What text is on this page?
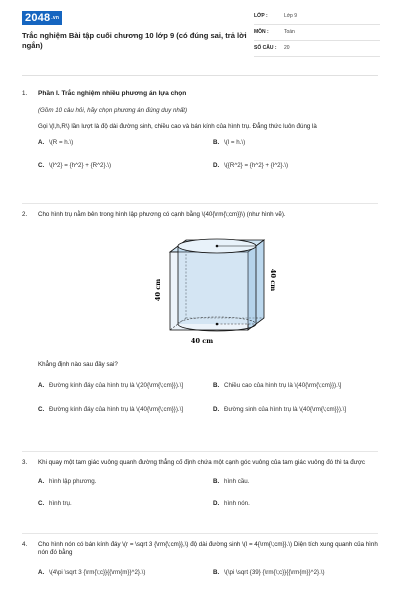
2048 .vn
Trắc nghiệm Bài tập cuối chương 10 lớp 9 (có đúng sai, trả lời ngắn)
LỚP :	Lớp 9
MÔN :	Toán
SỐ CÂU :	20
1. Phần I. Trắc nghiệm nhiều phương án lựa chọn
(Gồm 10 câu hỏi, hãy chọn phương án đúng duy nhất)
Gọi \(l,h,R\) lần lượt là độ dài đường sinh, chiều cao và bán kính của hình trụ. Đẳng thức luôn đúng là
A. \(R = h.\)	B. \(l = h.\)
C. \(l^2} = {h^2} + {R^2}.\)	D. \({R^2} = {h^2} + {l^2}.\)
2. Cho hình trụ nằm bên trong hình lập phương có cạnh bằng \(40{\rm{\;cm}}\) (như hình vẽ).
40 cm	40 cm
40 cm
Khẳng định nào sau đây sai?
A. Đường kính đáy của hình trụ là \(20{\rm{\;cm}}).\]	B. Chiều cao của hình trụ là \(40{\rm{\;cm}}).\]
C. Đường kính đáy của hình trụ là \(40{\rm{\;cm}}).\]	D. Đường sinh của hình trụ là \(40{\rm{\;cm}}).\]
3. Khi quay một tam giác vuông quanh đường thẳng cố định chứa một cạnh góc vuông của tam giác vuông đó thì ta được
A. hình lập phương.	B. hình cầu.
C. hình trụ.	D. hình nón.
4. Cho hình nón có bán kính đáy \(r = \sqrt 3 {\rm{\;cm}},\) độ dài đường sinh \(l = 4{\rm{\;cm}}.\) Diện tích xung quanh của hình nón đó bằng
A. \(4\pi \sqrt 3 {\rm{\;c}}{{\rm{m}}^2}.\)	B. \(\pi \sqrt {39} {\rm{\;c}}{{\rm{m}}^2}.\)
